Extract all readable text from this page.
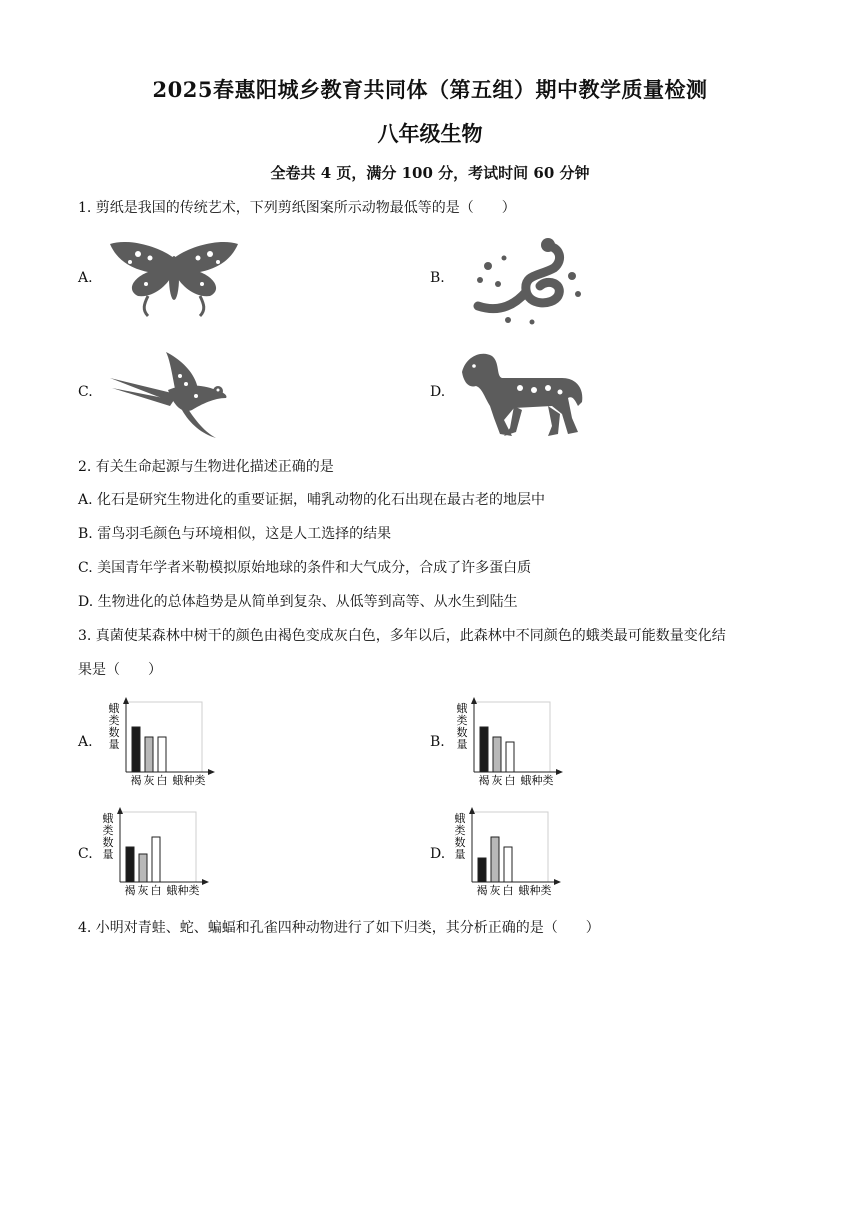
2025春惠阳城乡教育共同体（第五组）期中教学质量检测
八年级生物
全卷共 4 页，满分 100 分，考试时间 60 分钟
1. 剪纸是我国的传统艺术，下列剪纸图案所示动物最低等的是（　　）
A.	B.
C.	D.
2. 有关生命起源与生物进化描述正确的是
A. 化石是研究生物进化的重要证据，哺乳动物的化石出现在最古老的地层中
B. 雷鸟羽毛颜色与环境相似，这是人工选择的结果
C. 美国青年学者米勒模拟原始地球的条件和大气成分，合成了许多蛋白质
D. 生物进化的总体趋势是从简单到复杂、从低等到高等、从水生到陆生
3. 真菌使某森林中树干的颜色由褐色变成灰白色，多年以后，此森林中不同颜色的蛾类最可能数量变化结
果是（　　）
A.
蛾类数量
褐 灰 白 蛾种类
B.
蛾类数量
褐 灰 白 蛾种类
C.
蛾类数量
褐 灰 白 蛾种类
D.
蛾类数量
褐 灰 白 蛾种类
4. 小明对青蛙、蛇、蝙蝠和孔雀四种动物进行了如下归类，其分析正确的是（　　）
